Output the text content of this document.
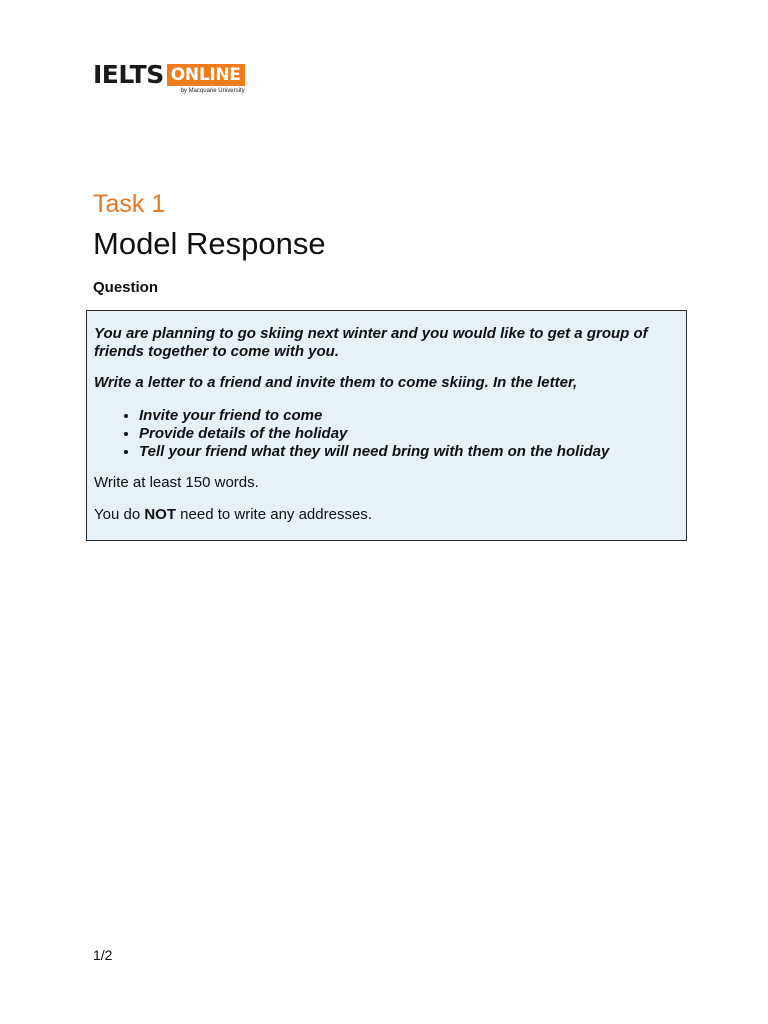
IELTS ONLINE
by Macquarie University
Task 1
Model Response
Question

You are planning to go skiing next winter and you would like to get a group of friends together to come with you.

Write a letter to a friend and invite them to come skiing. In the letter,

• Invite your friend to come
• Provide details of the holiday
• Tell your friend what they will need bring with them on the holiday

Write at least 150 words.

You do NOT need to write any addresses.

1/2
